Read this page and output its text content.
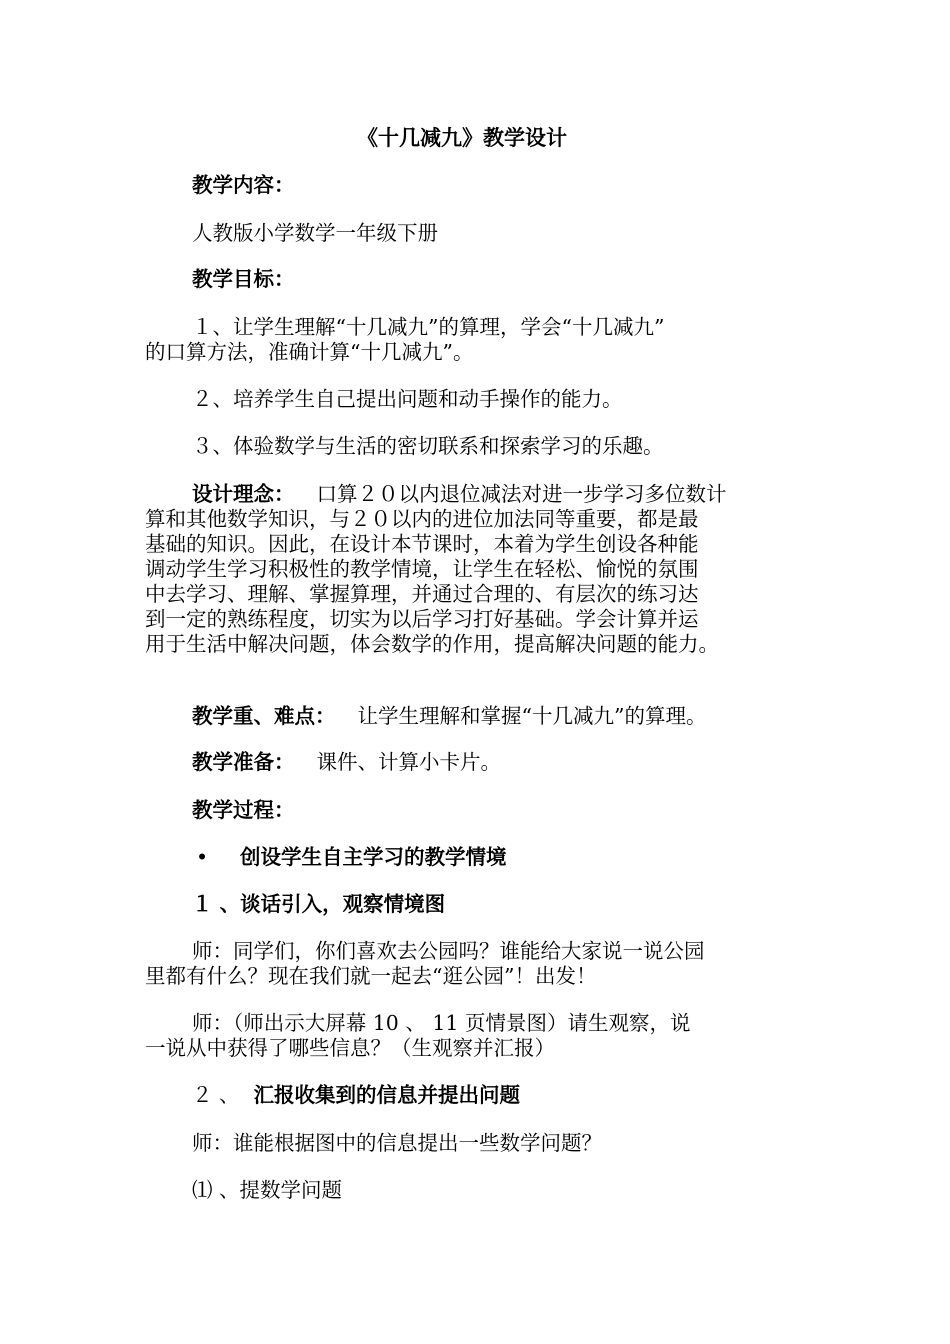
《十几减九》教学设计
教学内容：
人教版小学数学一年级下册
教学目标：
１、让学生理解“十几减九”的算理，学会“十几减九”
的口算方法，准确计算“十几减九”。
２、培养学生自己提出问题和动手操作的能力。
３、体验数学与生活的密切联系和探索学习的乐趣。
设计理念： 口算２０以内退位减法对进一步学习多位数计
算和其他数学知识，与２０以内的进位加法同等重要，都是最
基础的知识。因此，在设计本节课时，本着为学生创设各种能
调动学生学习积极性的教学情境，让学生在轻松、愉悦的氛围
中去学习、理解、掌握算理，并通过合理的、有层次的练习达
到一定的熟练程度，切实为以后学习打好基础。学会计算并运
用于生活中解决问题，体会数学的作用，提高解决问题的能力。
教学重、难点： 让学生理解和掌握“十几减九”的算理。
教学准备： 课件、计算小卡片。
教学过程：
• 创设学生自主学习的教学情境
１ 、谈话引入，观察情境图
师：同学们，你们喜欢去公园吗？谁能给大家说一说公园
里都有什么？现在我们就一起去“逛公园”！出发！
师：（师出示大屏幕 10 、 11 页情景图）请生观察，说
一说从中获得了哪些信息？（生观察并汇报）
２ 、 汇报收集到的信息并提出问题
师：谁能根据图中的信息提出一些数学问题？
⑴ 、提数学问题
